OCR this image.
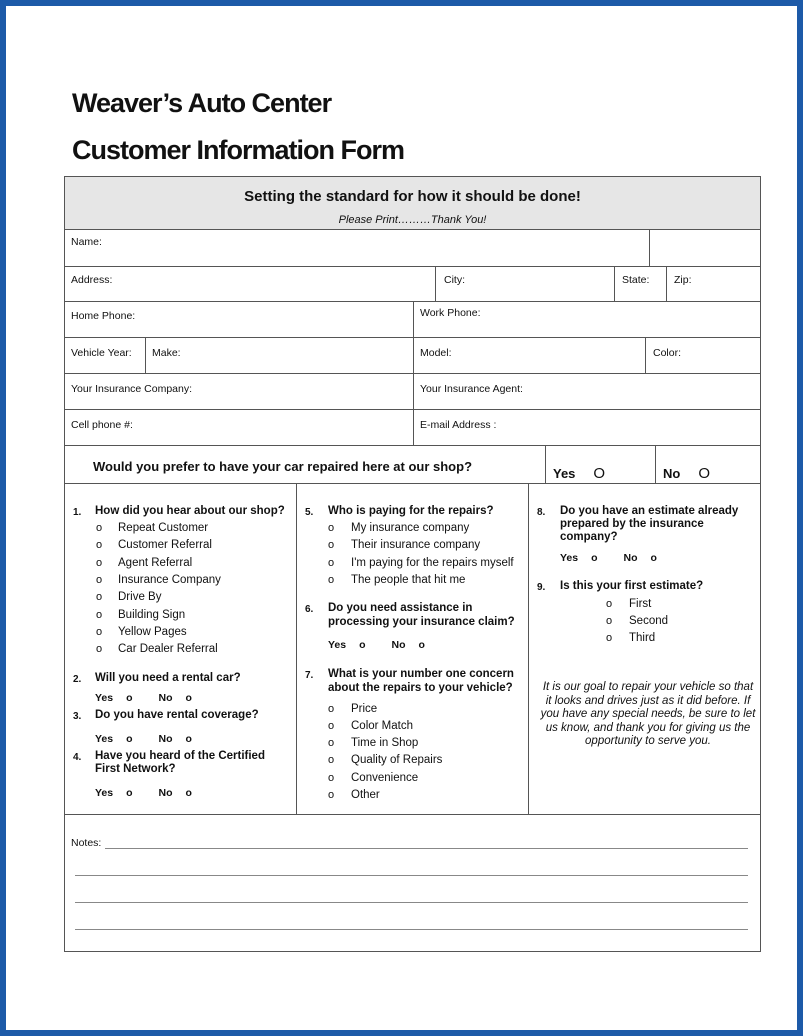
Weaver’s Auto Center
Customer Information Form
Setting the standard for how it should be done!
Please Print………Thank You!
Name:
Address:	City:	State: Zip:
Home Phone:	Work Phone:
Vehicle Year: Make:	Model:	Color:
Your Insurance Company:	Your Insurance Agent:
Cell phone #:	E-mail Address :
Would you prefer to have your car repaired here at our shop?	Yes O	No O
1. How did you hear about our shop?
o Repeat Customer
o Customer Referral
o Agent Referral
o Insurance Company
o Drive By
o Building Sign
o Yellow Pages
o Car Dealer Referral
2. Will you need a rental car?
Yes o No o
3. Do you have rental coverage?
Yes o No o
4. Have you heard of the Certified
First Network?
Yes o No o
5. Who is paying for the repairs?
o My insurance company
o Their insurance company
o I'm paying for the repairs myself
o The people that hit me
6. Do you need assistance in
processing your insurance claim?
Yes o No o
7. What is your number one concern
about the repairs to your vehicle?
o Price
o Color Match
o Time in Shop
o Quality of Repairs
o Convenience
o Other
8. Do you have an estimate already
prepared by the insurance
company?
Yes o No o
9. Is this your first estimate?
o First
o Second
o Third
It is our goal to repair your vehicle so that
it looks and drives just as it did before. If
you have any special needs, be sure to let
us know, and thank you for giving us the
opportunity to serve you.
Notes:
